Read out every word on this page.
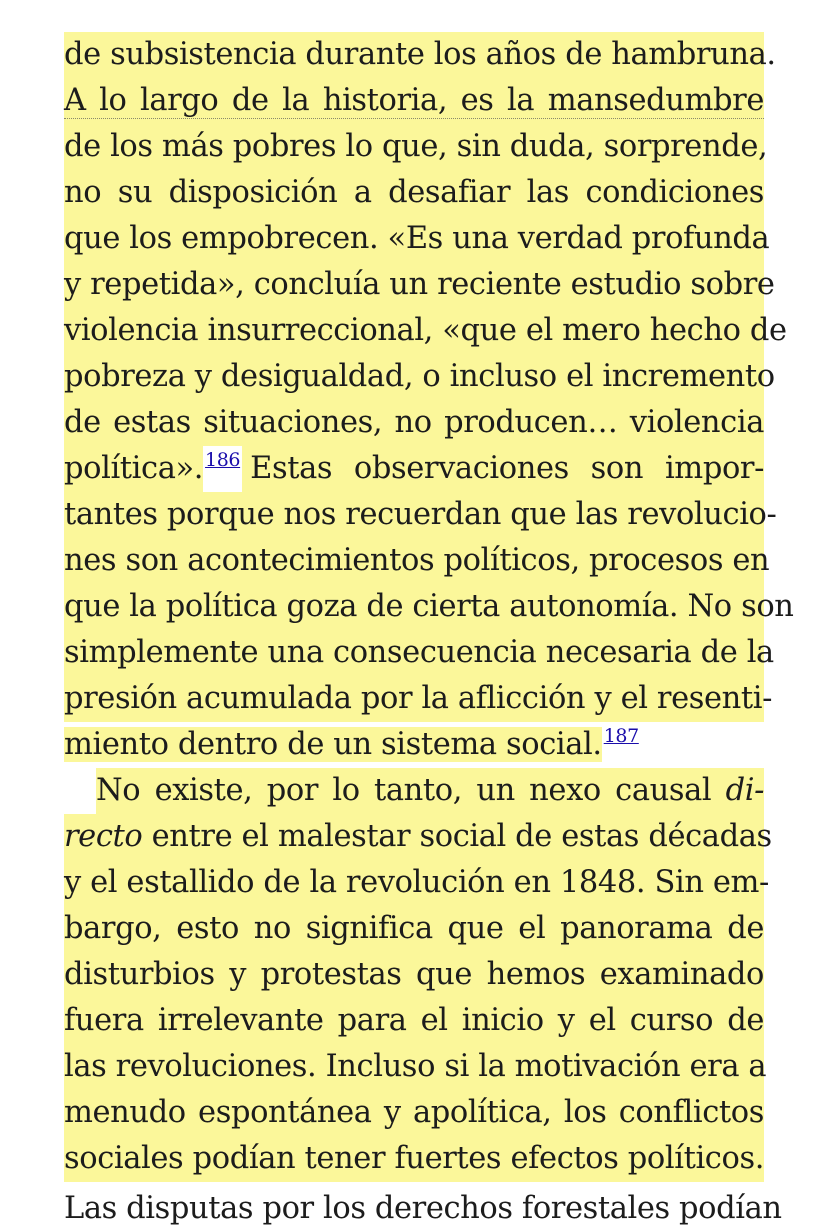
de subsistencia durante los años de hambruna.
A lo largo de la historia, es la mansedumbre
de los más pobres lo que, sin duda, sorprende,
no su disposición a desafiar las condiciones
que los empobrecen. «Es una verdad profunda
y repetida», concluía un reciente estudio sobre
violencia insurreccional, «que el mero hecho de
pobreza y desigualdad, o incluso el incremento
de estas situaciones, no producen… violencia
política». $^{186}$ Estas observaciones son impor-
tantes porque nos recuerdan que las revolucio-
nes son acontecimientos políticos, procesos en
que la política goza de cierta autonomía. No son
simplemente una consecuencia necesaria de la
presión acumulada por la aflicción y el resenti-
miento dentro de un sistema social. $^{187}$
No existe, por lo tanto, un nexo causal di-
recto entre el malestar social de estas décadas
y el estallido de la revolución en 1848. Sin em-
bargo, esto no significa que el panorama de
disturbios y protestas que hemos examinado
fuera irrelevante para el inicio y el curso de
las revoluciones. Incluso si la motivación era a
menudo espontánea y apolítica, los conflictos
sociales podían tener fuertes efectos políticos.
Las disputas por los derechos forestales podían
